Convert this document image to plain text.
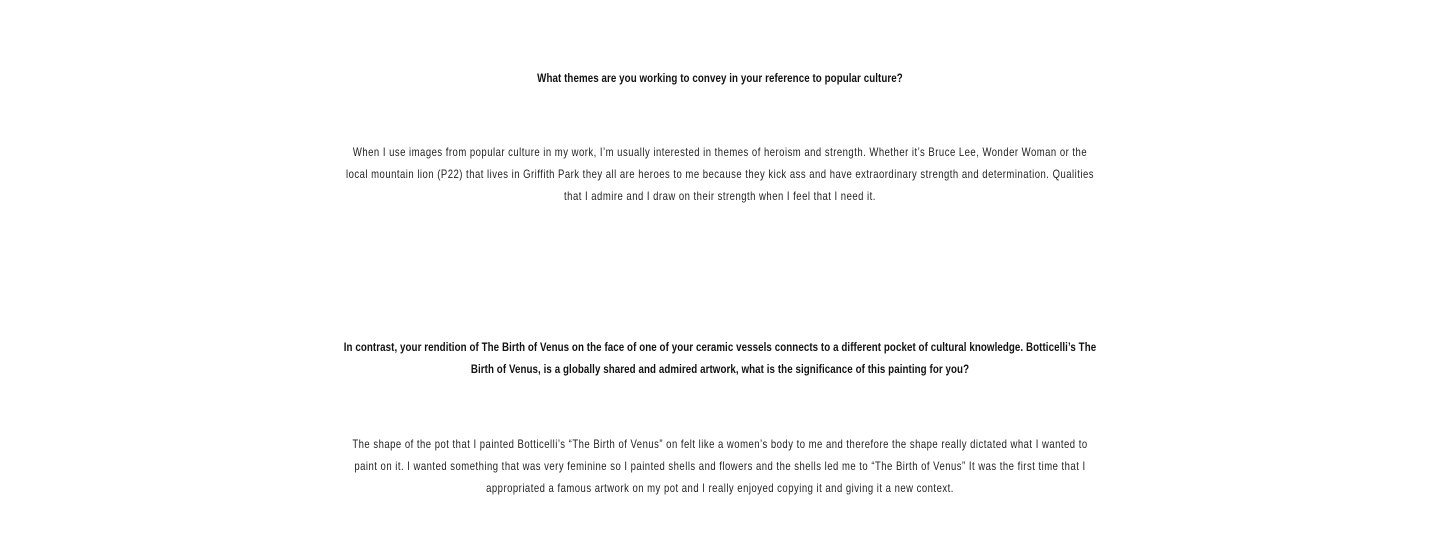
What themes are you working to convey in your reference to popular culture?

When I use images from popular culture in my work, I’m usually interested in themes of heroism and strength. Whether it’s Bruce Lee, Wonder Woman or the local mountain lion (P22) that lives in Griffith Park they all are heroes to me because they kick ass and have extraordinary strength and determination. Qualities that I admire and I draw on their strength when I feel that I need it.

In contrast, your rendition of The Birth of Venus on the face of one of your ceramic vessels connects to a different pocket of cultural knowledge. Botticelli’s The Birth of Venus, is a globally shared and admired artwork, what is the significance of this painting for you?

The shape of the pot that I painted Botticelli’s “The Birth of Venus” on felt like a women’s body to me and therefore the shape really dictated what I wanted to paint on it. I wanted something that was very feminine so I painted shells and flowers and the shells led me to “The Birth of Venus” It was the first time that I appropriated a famous artwork on my pot and I really enjoyed copying it and giving it a new context.
